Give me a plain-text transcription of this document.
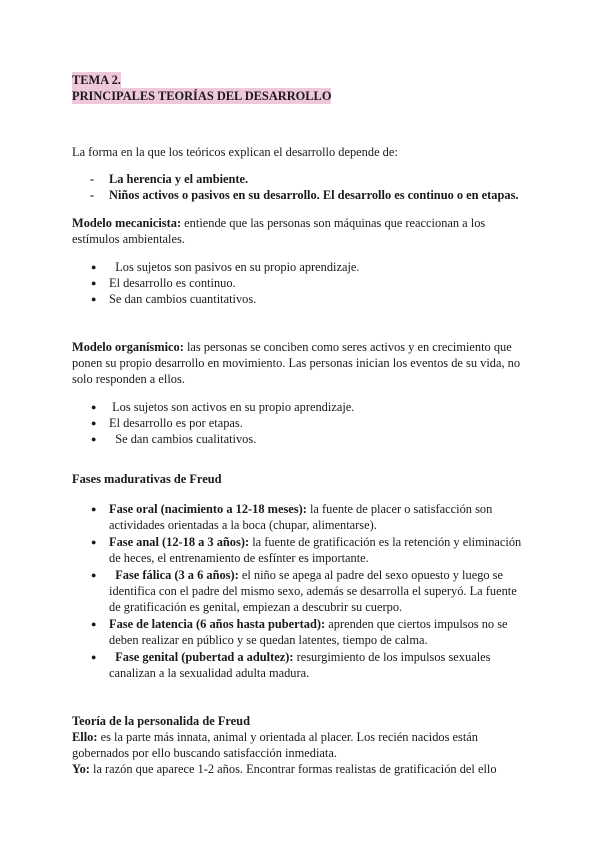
TEMA 2.
PRINCIPALES TEORÍAS DEL DESARROLLO

La forma en la que los teóricos explican el desarrollo depende de:

- La herencia y el ambiente.
- Niños activos o pasivos en su desarrollo. El desarrollo es continuo o en etapas.

Modelo mecanicista: entiende que las personas son máquinas que reaccionan a los estímulos ambientales.

● Los sujetos son pasivos en su propio aprendizaje.
● El desarrollo es continuo.
● Se dan cambios cuantitativos.

Modelo organísmico: las personas se conciben como seres activos y en crecimiento que ponen su propio desarrollo en movimiento. Las personas inician los eventos de su vida, no solo responden a ellos.

● Los sujetos son activos en su propio aprendizaje.
● El desarrollo es por etapas.
● Se dan cambios cualitativos.

Fases madurativas de Freud

● Fase oral (nacimiento a 12-18 meses): la fuente de placer o satisfacción son actividades orientadas a la boca (chupar, alimentarse).
● Fase anal (12-18 a 3 años): la fuente de gratificación es la retención y eliminación de heces, el entrenamiento de esfínter es importante.
● Fase fálica (3 a 6 años): el niño se apega al padre del sexo opuesto y luego se identifica con el padre del mismo sexo, además se desarrolla el superyó. La fuente de gratificación es genital, empiezan a descubrir su cuerpo.
● Fase de latencia (6 años hasta pubertad): aprenden que ciertos impulsos no se deben realizar en público y se quedan latentes, tiempo de calma.
● Fase genital (pubertad a adultez): resurgimiento de los impulsos sexuales canalizan a la sexualidad adulta madura.

Teoría de la personalida de Freud

Ello: es la parte más innata, animal y orientada al placer. Los recién nacidos están gobernados por ello buscando satisfacción inmediata.

Yo: la razón que aparece 1-2 años. Encontrar formas realistas de gratificación del ello
